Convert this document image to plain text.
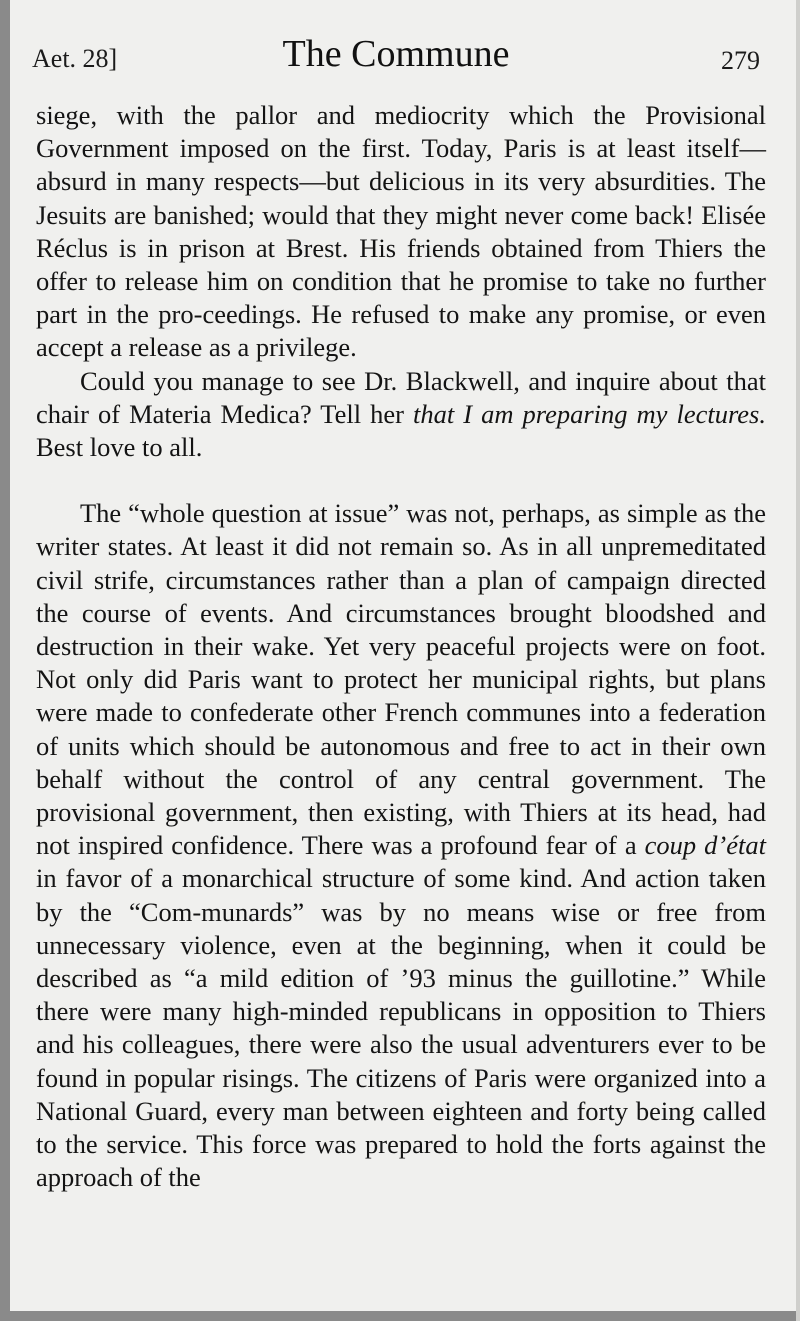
Aet. 28]	The Commune	279

siege, with the pallor and mediocrity which the Provisional Government imposed on the first. Today, Paris is at least itself—absurd in many respects—but delicious in its very absurdities. The Jesuits are banished; would that they might never come back! Elisée Réclus is in prison at Brest. His friends obtained from Thiers the offer to release him on condition that he promise to take no further part in the pro-ceedings. He refused to make any promise, or even accept a release as a privilege.

Could you manage to see Dr. Blackwell, and inquire about that chair of Materia Medica? Tell her that I am preparing my lectures. Best love to all.

The “whole question at issue” was not, perhaps, as simple as the writer states. At least it did not remain so. As in all unpremeditated civil strife, circumstances rather than a plan of campaign directed the course of events. And circumstances brought bloodshed and destruction in their wake. Yet very peaceful projects were on foot. Not only did Paris want to protect her municipal rights, but plans were made to confederate other French communes into a federation of units which should be autonomous and free to act in their own behalf without the control of any central government. The provisional government, then existing, with Thiers at its head, had not inspired confidence. There was a profound fear of a coup d’état in favor of a monarchical structure of some kind. And action taken by the “Com-munards” was by no means wise or free from unnecessary violence, even at the beginning, when it could be described as “a mild edition of ’93 minus the guillotine.” While there were many high-minded republicans in opposition to Thiers and his colleagues, there were also the usual adventurers ever to be found in popular risings. The citizens of Paris were organized into a National Guard, every man between eighteen and forty being called to the service. This force was prepared to hold the forts against the approach of the
